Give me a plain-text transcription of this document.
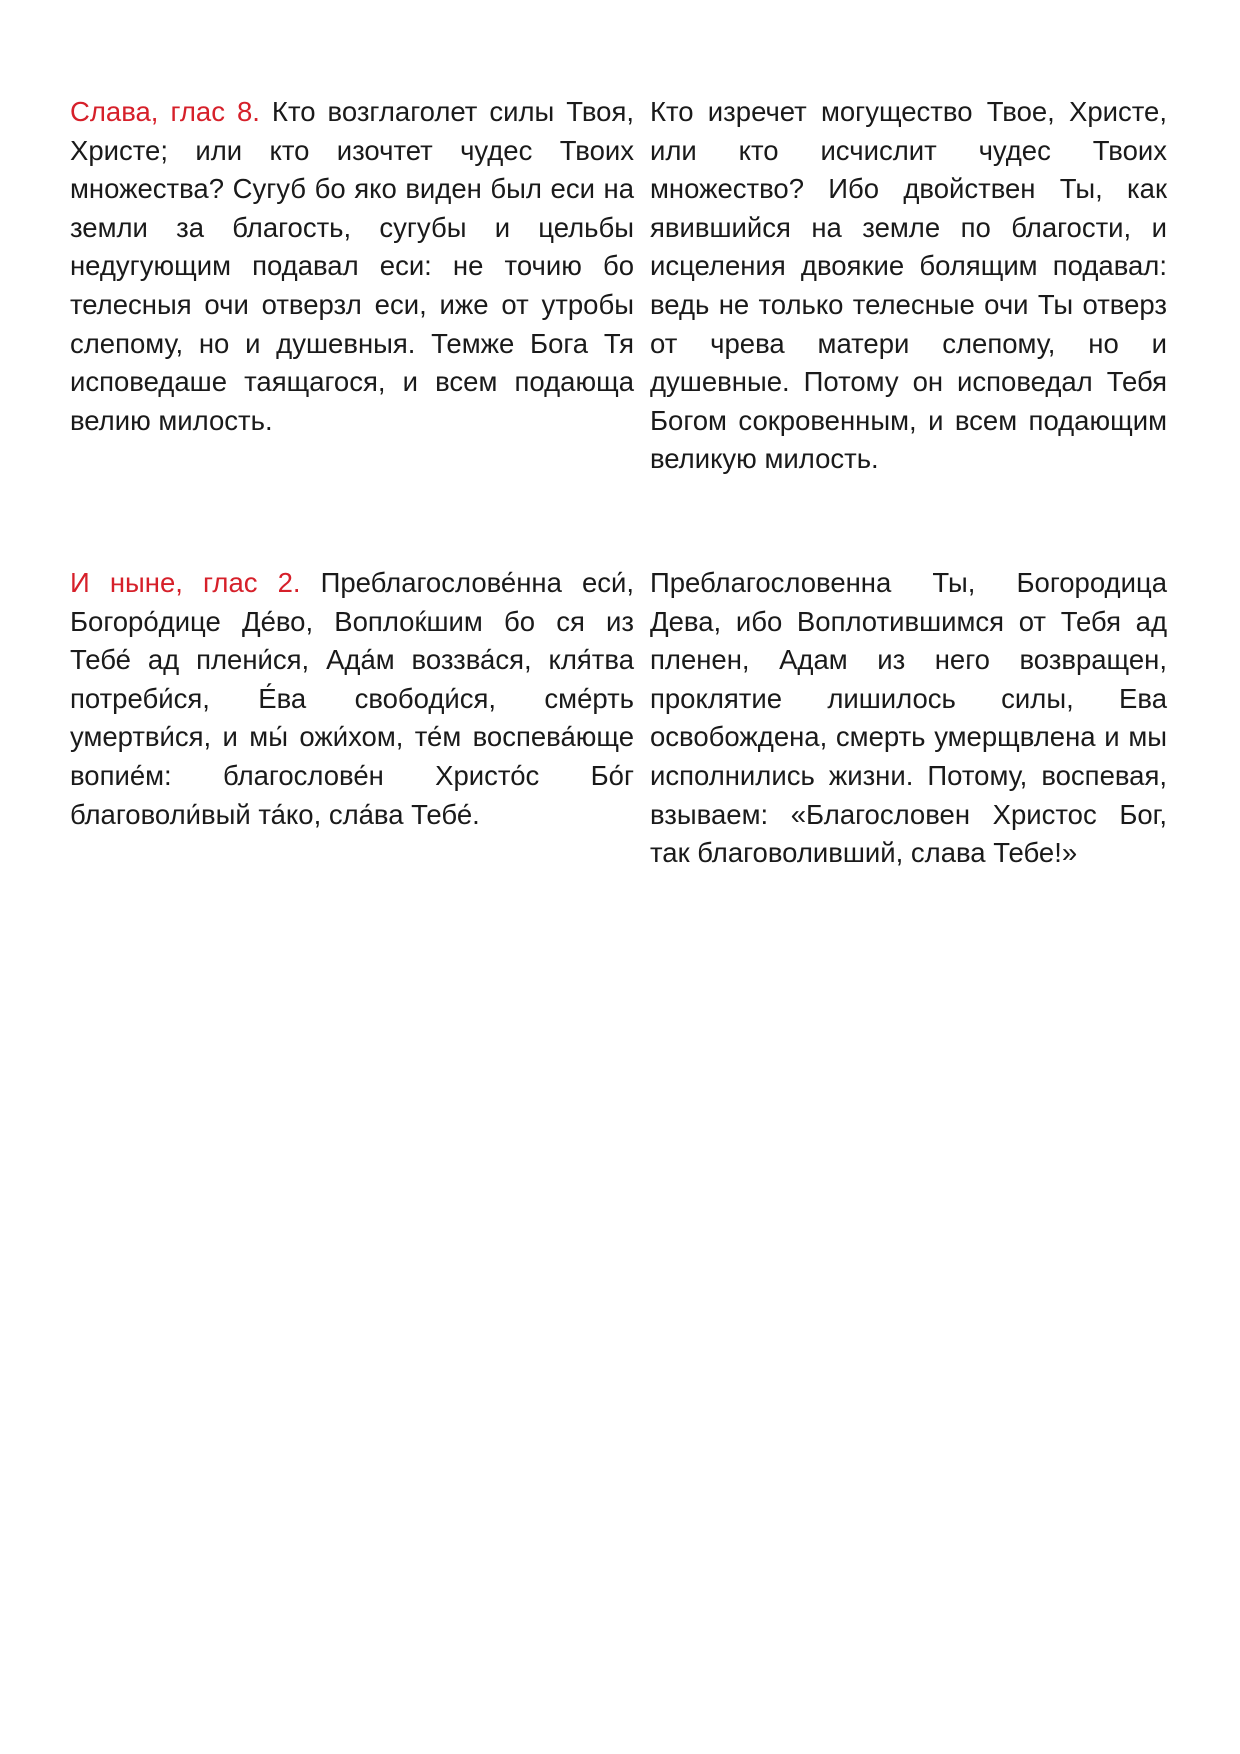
Слава, глас 8. Кто возглаголет силы Твоя, Христе; или кто изочтет чудес Твоих множества? Сугуб бо яко виден был еси на земли за благость, сугубы и цельбы недугующим подавал еси: не точию бо телесныя очи отверзл еси, иже от утробы слепому, но и душевныя. Темже Бога Тя исповедаше таящагося, и всем подающа велию милость.

Кто изречет могущество Твое, Христе, или кто исчислит чудес Твоих множество? Ибо двойствен Ты, как явившийся на земле по благости, и исцеления двоякие болящим подавал: ведь не только телесные очи Ты отверз от чрева матери слепому, но и душевные. Потому он исповедал Тебя Богом сокровенным, и всем подающим великую милость.

И ныне, глас 2. Преблагослове́нна еси́, Богоро́дице Де́во, Воплоќшим бо ся из Тебе́ ад плени́ся, Ада́м воззва́ся, кля́тва потреби́ся, Е́ва свободи́ся, сме́рть умертви́ся, и мы́ ожи́хом, те́м воспева́юще вопие́м: благослове́н Христо́с Бо́г благоволи́вый та́ко, сла́ва Тебе́.

Преблагословенна Ты, Богородица Дева, ибо Воплотившимся от Тебя ад пленен, Адам из него возвращен, проклятие лишилось силы, Ева освобождена, смерть умерщвлена и мы исполнились жизни. Потому, воспевая, взываем: «Благословен Христос Бог, так благоволивший, слава Тебе!»
